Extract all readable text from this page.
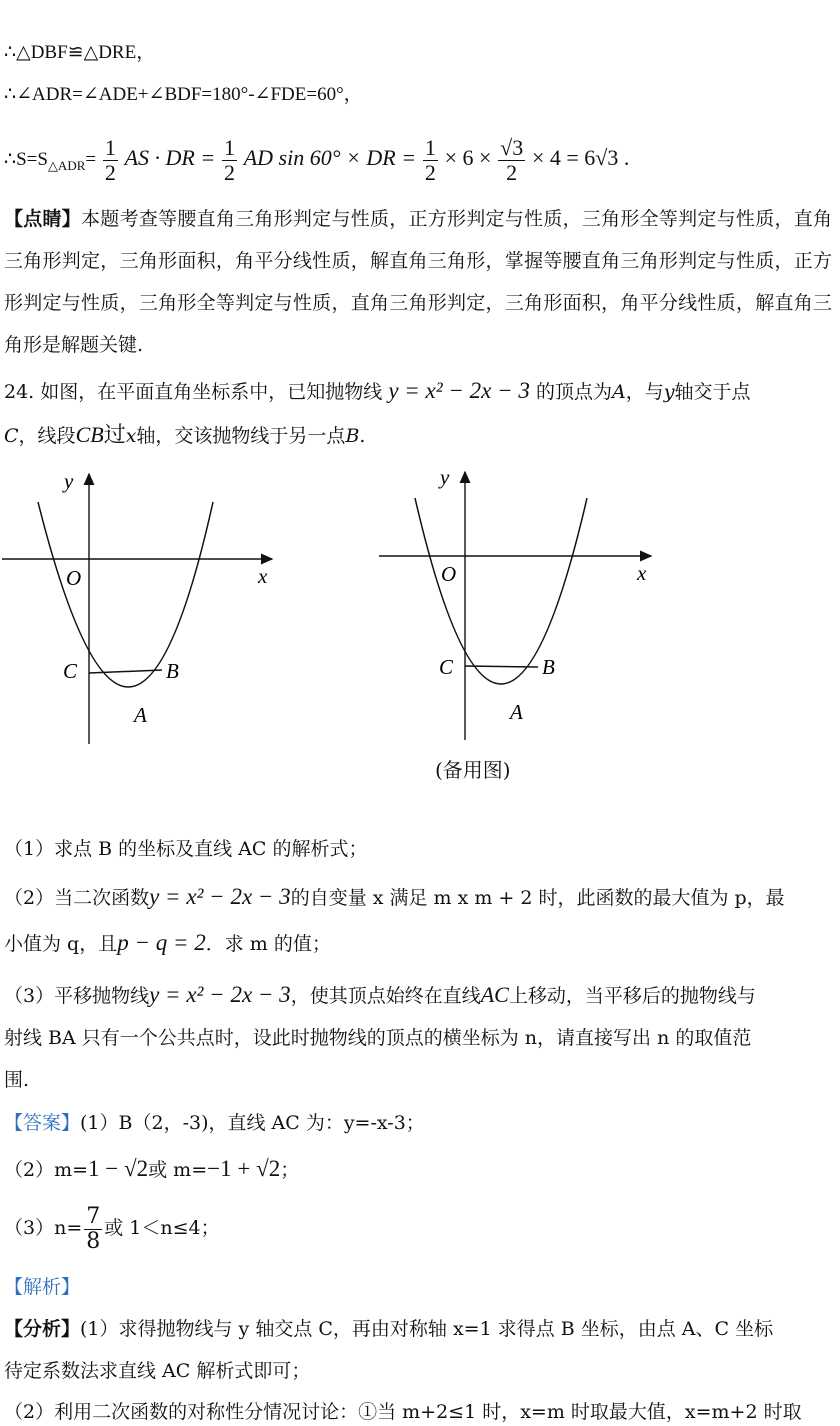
∴△DBF≌△DRE，
∴∠ADR=∠ADE+∠BDF=180°-∠FDE=60°，
$\therefore S=S_{\triangle ADR}= \frac{1}{2}$ AS · DR = $\frac{1}{2}$ AD sin 60° × DR = $\frac{1}{2} \times 6 \times \frac{√3}{2} \times 4 = 6√3$ .
【点睛】本题考查等腰直角三角形判定与性质，正方形判定与性质，三角形全等判定与性质，直角三角形判定，三角形面积，角平分线性质，解直角三角形，掌握等腰直角三角形判定与性质，正方形判定与性质，三角形全等判定与性质，直角三角形判定，三角形面积，角平分线性质，解直角三角形是解题关键.
24. 如图，在平面直角坐标系中，已知抛物线 y = x² − 2x − 3 的顶点为A，与y轴交于点
C，线段CB过x轴，交该抛物线于另一点B.
y
x
O
C	B
A
y
x
O
C	B
A
(备用图)
（1）求点 B 的坐标及直线 AC 的解析式；
（2）当二次函数y = x² − 2x − 3的自变量 x 满足 m x m + 2 时，此函数的最大值为 p，最
小值为 q，且p − q = 2．求 m 的值；
（3）平移抛物线y = x² − 2x − 3，使其顶点始终在直线AC上移动，当平移后的抛物线与
射线 BA 只有一个公共点时，设此时抛物线的顶点的横坐标为 n，请直接写出 n 的取值范
围.
【答案】(1）B（2，-3)，直线 AC 为：y=-x-3；
（2）m=1 − √2或 m=−1 + √2；
$(3)n= \frac{7}{8}$ 或 1＜n≤4；
【解析】
【分析】(1）求得抛物线与 y 轴交点 C，再由对称轴 x=1 求得点 B 坐标，由点 A、C 坐标
待定系数法求直线 AC 解析式即可；
（2）利用二次函数的对称性分情况讨论：①当 m+2≤1 时，x=m 时取最大值，x=m+2 时取
